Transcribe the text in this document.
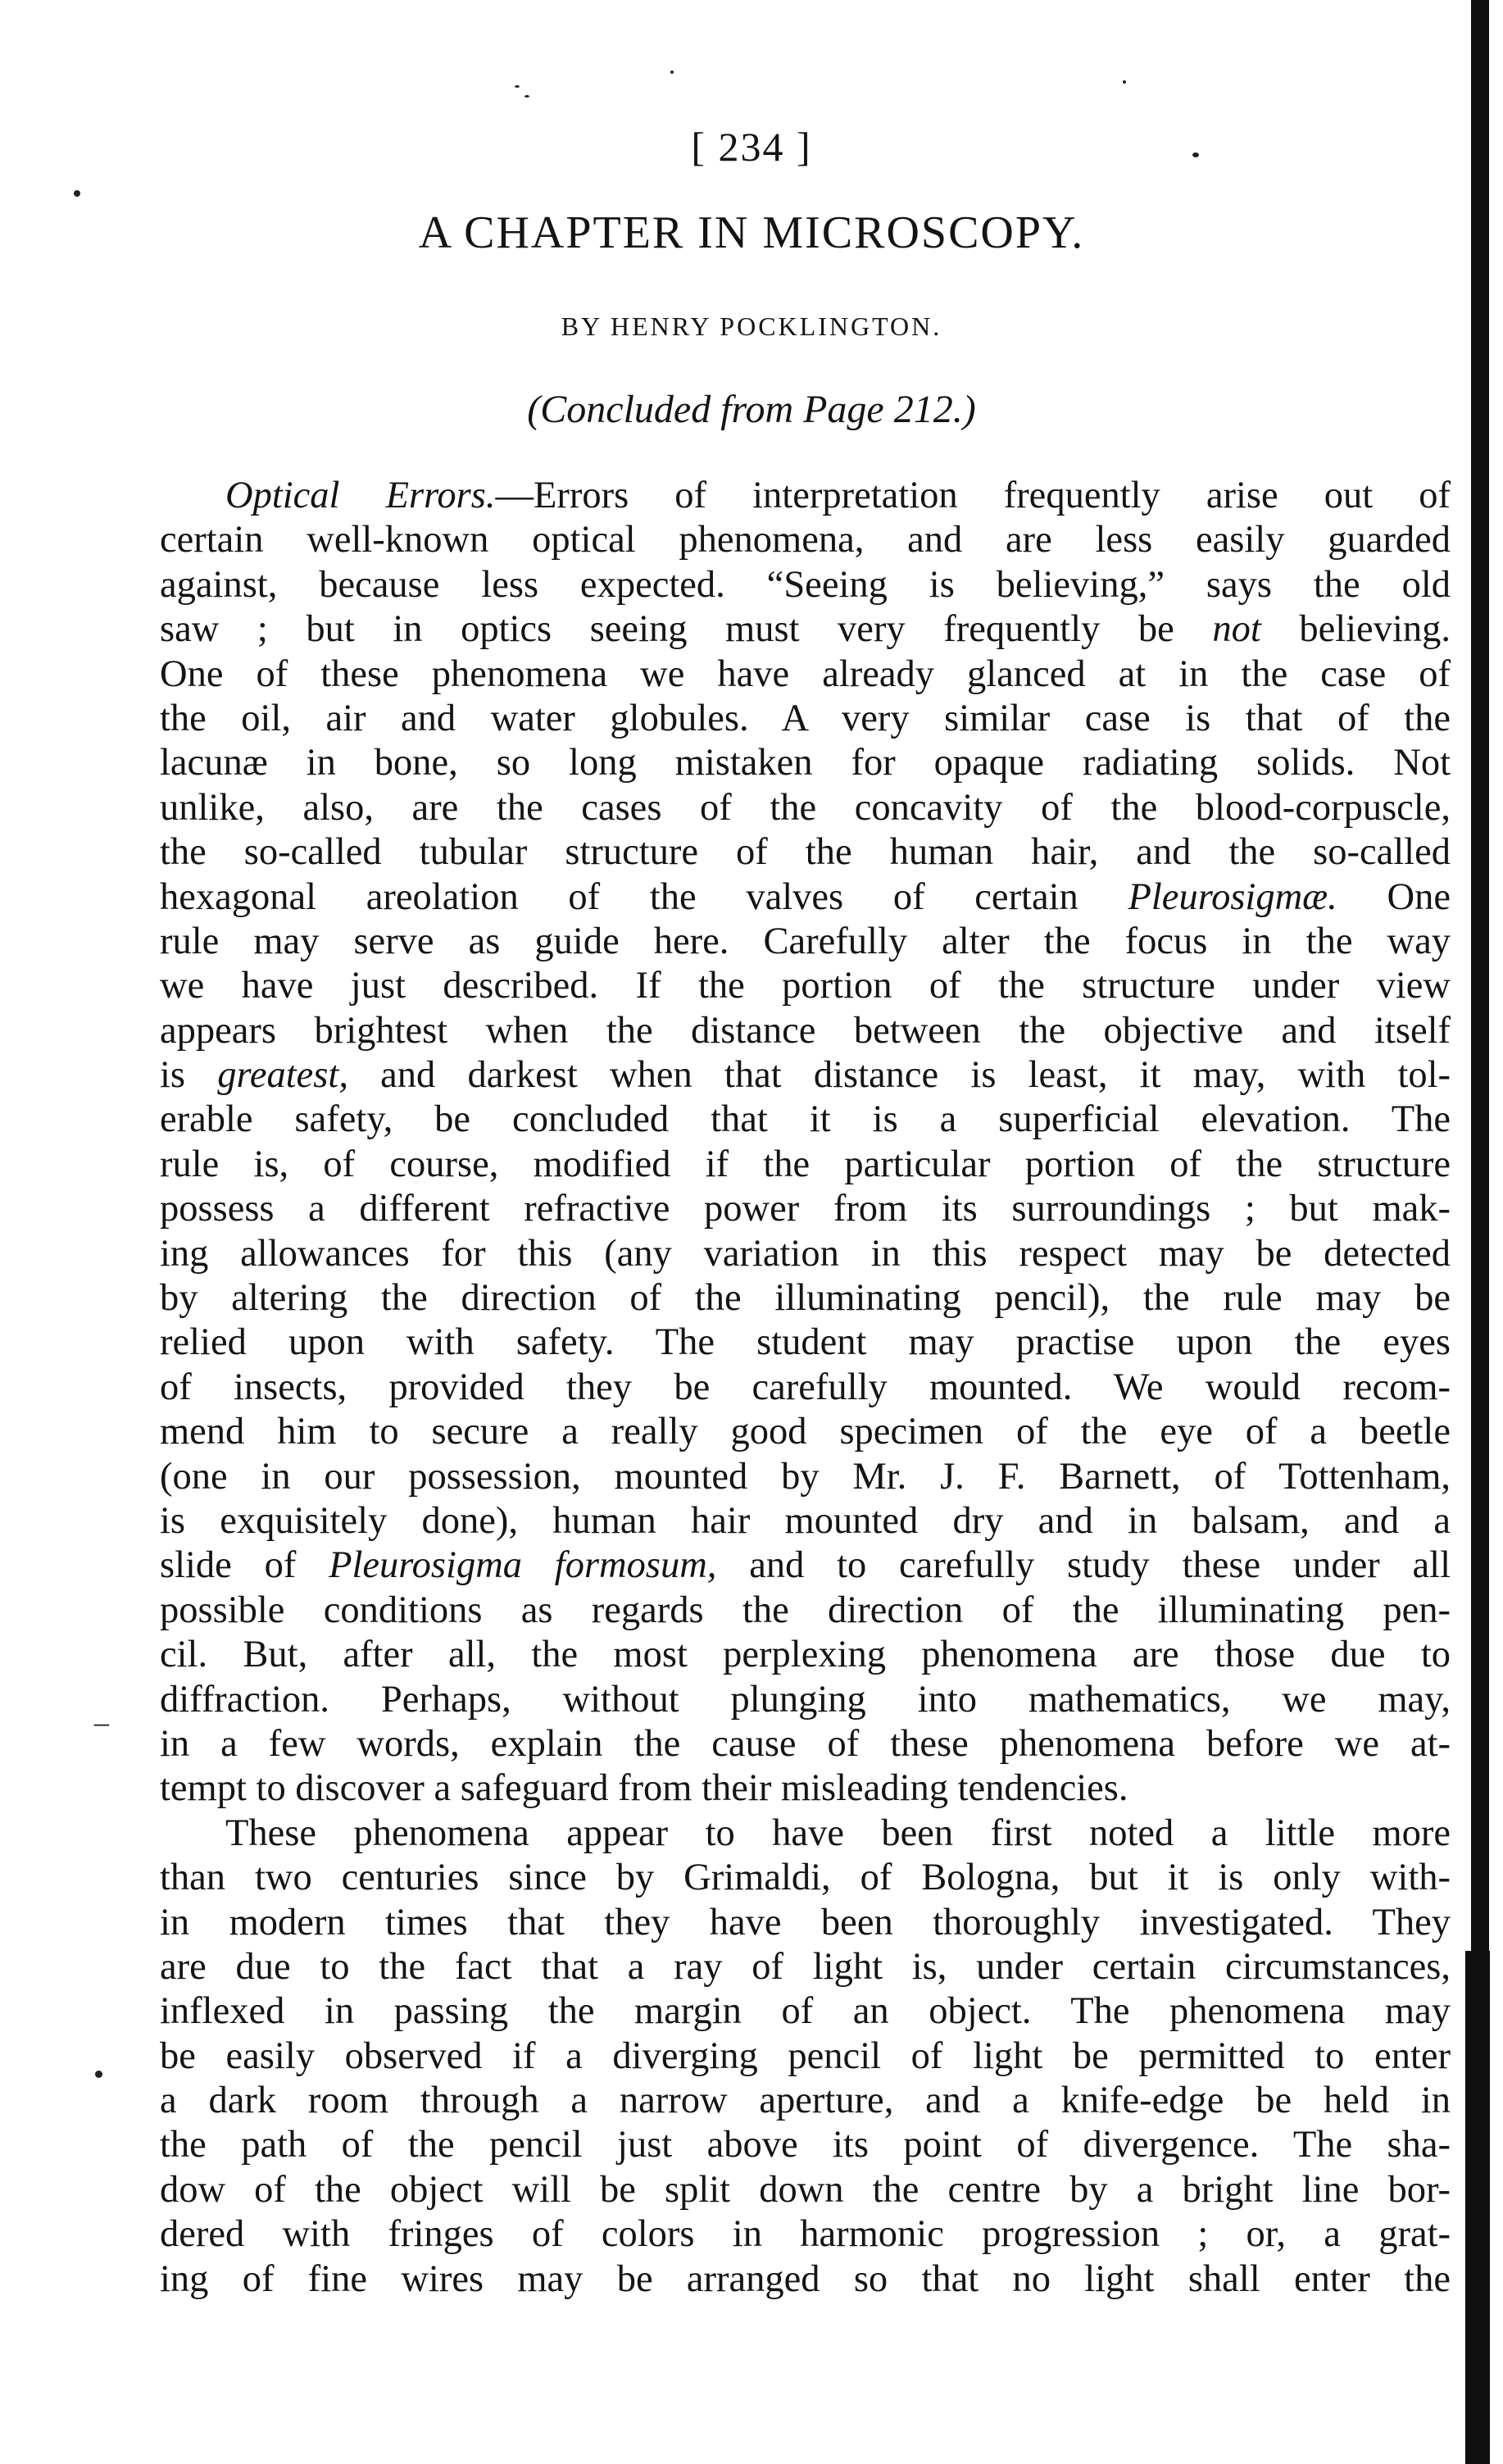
[ 234 ]
A CHAPTER IN MICROSCOPY.
BY HENRY POCKLINGTON.
(Concluded from Page 212.)
–
Optical Errors.—Errors of interpretation frequently arise out of
certain well-known optical phenomena, and are less easily guarded
against, because less expected. “Seeing is believing,” says the old
saw ; but in optics seeing must very frequently be not believing.
One of these phenomena we have already glanced at in the case of
the oil, air and water globules. A very similar case is that of the
lacunæ in bone, so long mistaken for opaque radiating solids. Not
unlike, also, are the cases of the concavity of the blood-corpuscle,
the so-called tubular structure of the human hair, and the so-called
hexagonal areolation of the valves of certain Pleurosigmæ. One
rule may serve as guide here. Carefully alter the focus in the way
we have just described. If the portion of the structure under view
appears brightest when the distance between the objective and itself
is greatest, and darkest when that distance is least, it may, with tol-
erable safety, be concluded that it is a superficial elevation. The
rule is, of course, modified if the particular portion of the structure
possess a different refractive power from its surroundings ; but mak-
ing allowances for this (any variation in this respect may be detected
by altering the direction of the illuminating pencil), the rule may be
relied upon with safety. The student may practise upon the eyes
of insects, provided they be carefully mounted. We would recom-
mend him to secure a really good specimen of the eye of a beetle
(one in our possession, mounted by Mr. J. F. Barnett, of Tottenham,
is exquisitely done), human hair mounted dry and in balsam, and a
slide of Pleurosigma formosum, and to carefully study these under all
possible conditions as regards the direction of the illuminating pen-
cil. But, after all, the most perplexing phenomena are those due to
diffraction. Perhaps, without plunging into mathematics, we may,
in a few words, explain the cause of these phenomena before we at-
tempt to discover a safeguard from their misleading tendencies.
These phenomena appear to have been first noted a little more
than two centuries since by Grimaldi, of Bologna, but it is only with-
in modern times that they have been thoroughly investigated. They
are due to the fact that a ray of light is, under certain circumstances,
inflexed in passing the margin of an object. The phenomena may
be easily observed if a diverging pencil of light be permitted to enter
a dark room through a narrow aperture, and a knife-edge be held in
the path of the pencil just above its point of divergence. The sha-
dow of the object will be split down the centre by a bright line bor-
dered with fringes of colors in harmonic progression ; or, a grat-
ing of fine wires may be arranged so that no light shall enter the
